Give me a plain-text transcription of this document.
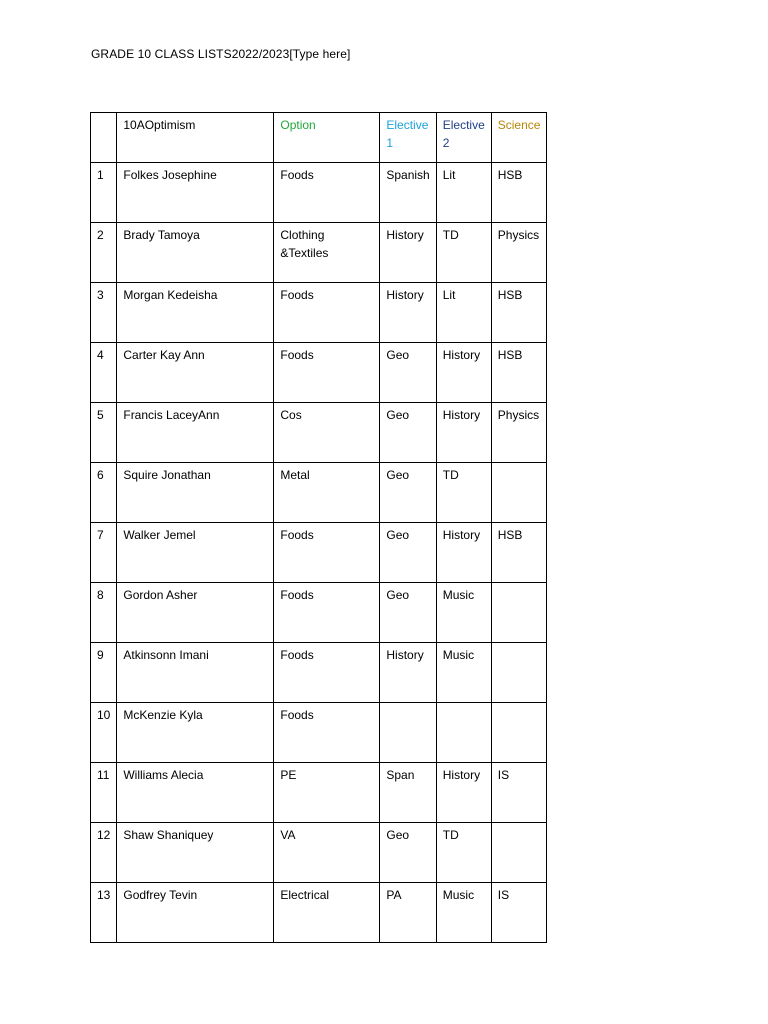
GRADE 10 CLASS LISTS2022/2023[Type here]
	10AOptimism	Option	Elective 1	Elective 2	Science
1	Folkes Josephine	Foods	Spanish	Lit	HSB
2	Brady Tamoya	Clothing &Textiles	History	TD	Physics
3	Morgan Kedeisha	Foods	History	Lit	HSB
4	Carter Kay Ann	Foods	Geo	History	HSB
5	Francis LaceyAnn	Cos	Geo	History	Physics
6	Squire Jonathan	Metal	Geo	TD	
7	Walker Jemel	Foods	Geo	History	HSB
8	Gordon Asher	Foods	Geo	Music	
9	Atkinsonn Imani	Foods	History	Music	
10	McKenzie Kyla	Foods			
11	Williams Alecia	PE	Span	History	IS
12	Shaw Shaniquey	VA	Geo	TD	
13	Godfrey Tevin	Electrical	PA	Music	IS
